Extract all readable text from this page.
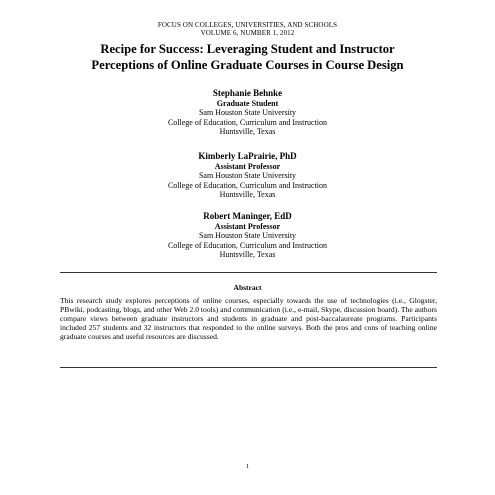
FOCUS ON COLLEGES, UNIVERSITIES, AND SCHOOLS
VOLUME 6, NUMBER 1, 2012
Recipe for Success: Leveraging Student and Instructor
Perceptions of Online Graduate Courses in Course Design
Stephanie Behnke
Graduate Student
Sam Houston State University
College of Education, Curriculum and Instruction
Huntsville, Texas
Kimberly LaPrairie, PhD
Assistant Professor
Sam Houston State University
College of Education, Curriculum and Instruction
Huntsville, Texas
Robert Maninger, EdD
Assistant Professor
Sam Houston State University
College of Education, Curriculum and Instruction
Huntsville, Texas
Abstract
This research study explores perceptions of online courses, especially towards the use of technologies (i.e., Glogster, PBwiki, podcasting, blogs, and other Web 2.0 tools) and communication (i.e., e-mail, Skype, discussion board). The authors compare views between graduate instructors and students in graduate and post-baccalaureate programs. Participants included 257 students and 32 instructors that responded to the online surveys. Both the pros and cons of teaching online graduate courses and useful resources are discussed.
1
